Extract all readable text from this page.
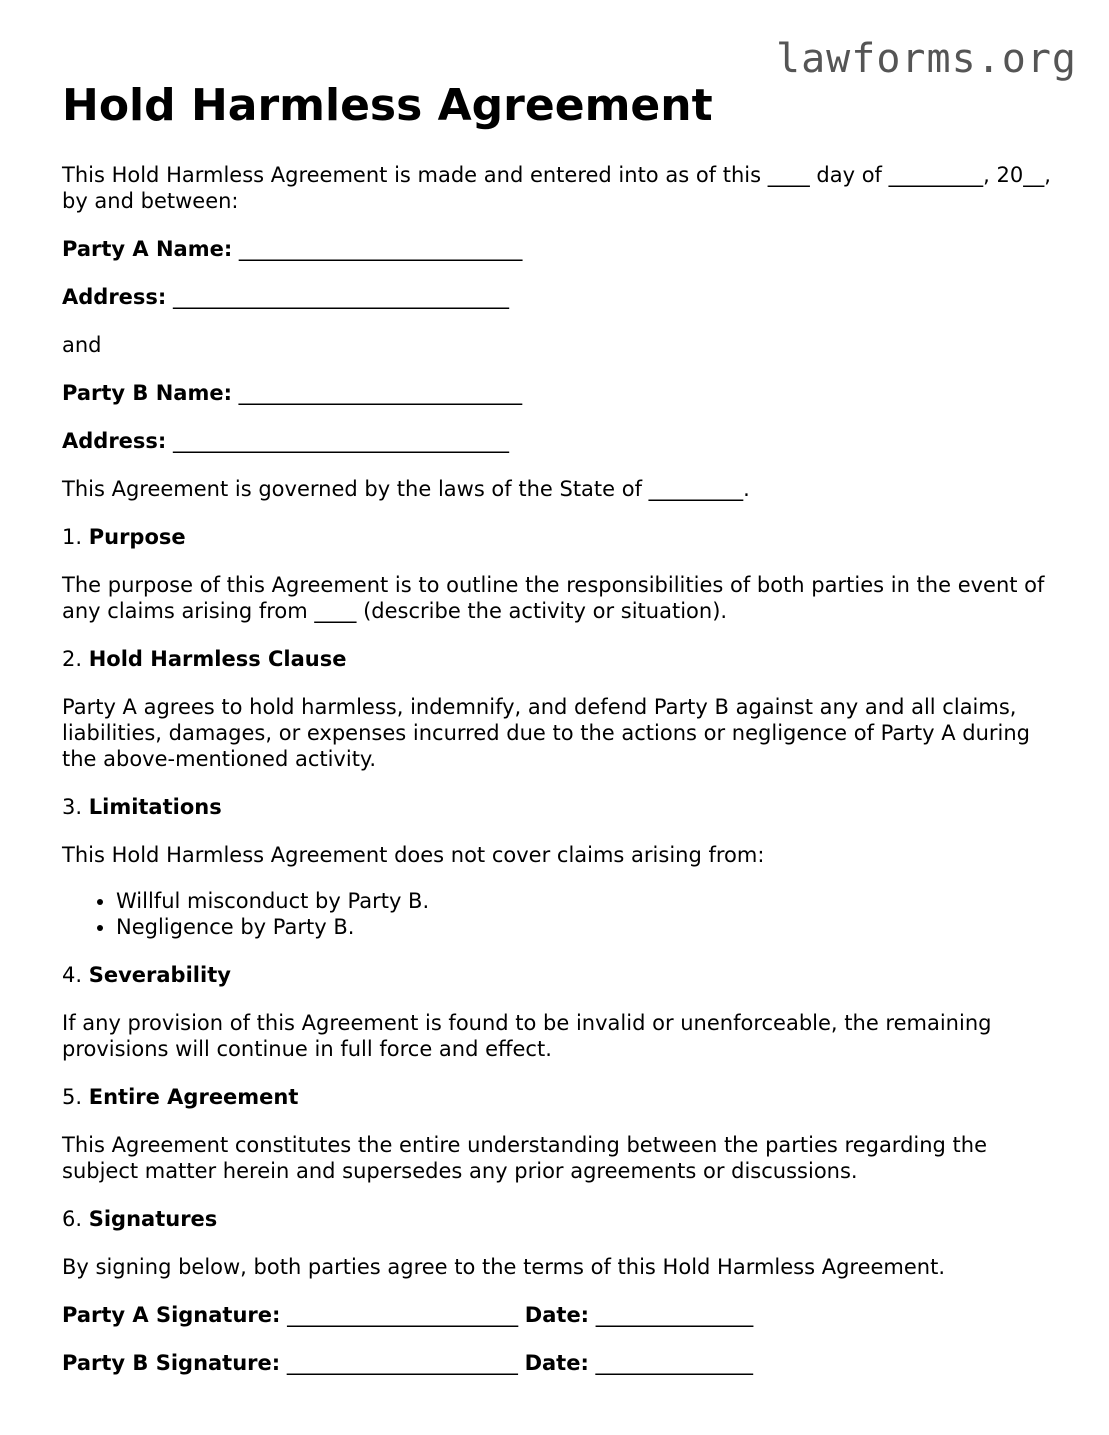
lawforms.org
Hold Harmless Agreement

This Hold Harmless Agreement is made and entered into as of this ____ day of _________, 20__, by and between:

Party A Name: ___________________________

Address: ________________________________

and

Party B Name: ___________________________

Address: ________________________________

This Agreement is governed by the laws of the State of _________.

1. Purpose

The purpose of this Agreement is to outline the responsibilities of both parties in the event of any claims arising from ____ (describe the activity or situation).

2. Hold Harmless Clause

Party A agrees to hold harmless, indemnify, and defend Party B against any and all claims, liabilities, damages, or expenses incurred due to the actions or negligence of Party A during the above-mentioned activity.

3. Limitations

This Hold Harmless Agreement does not cover claims arising from:

• Willful misconduct by Party B.
• Negligence by Party B.

4. Severability

If any provision of this Agreement is found to be invalid or unenforceable, the remaining provisions will continue in full force and effect.

5. Entire Agreement

This Agreement constitutes the entire understanding between the parties regarding the subject matter herein and supersedes any prior agreements or discussions.

6. Signatures

By signing below, both parties agree to the terms of this Hold Harmless Agreement.

Party A Signature: ______________________ Date: _______________

Party B Signature: ______________________ Date: _______________
